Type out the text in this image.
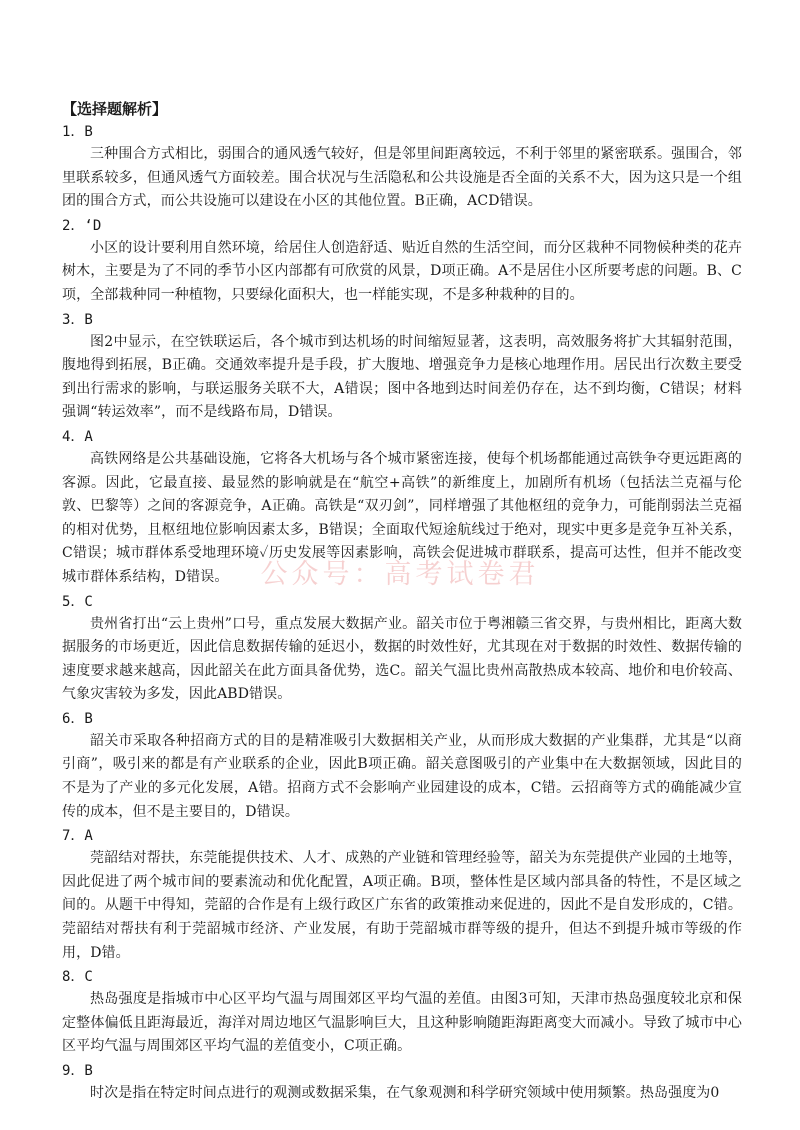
【选择题解析】

1．B

三种围合方式相比，弱围合的通风透气较好，但是邻里间距离较远，不利于邻里的紧密联系。强围合，邻里联系较多，但通风透气方面较差。围合状况与生活隐私和公共设施是否全面的关系不大，因为这只是一个组团的围合方式，而公共设施可以建设在小区的其他位置。B正确，ACD错误。

2．‘D

小区的设计要利用自然环境，给居住人创造舒适、贴近自然的生活空间，而分区栽种不同物候种类的花卉树木，主要是为了不同的季节小区内部都有可欣赏的风景，D项正确。A不是居住小区所要考虑的问题。B、C项，全部栽种同一种植物，只要绿化面积大，也一样能实现，不是多种栽种的目的。

3．B

图2中显示，在空铁联运后，各个城市到达机场的时间缩短显著，这表明，高效服务将扩大其辐射范围，腹地得到拓展，B正确。交通效率提升是手段，扩大腹地、增强竞争力是核心地理作用。居民出行次数主要受到出行需求的影响，与联运服务关联不大，A错误；图中各地到达时间差仍存在，达不到均衡，C错误；材料强调“转运效率”，而不是线路布局，D错误。

4．A

高铁网络是公共基础设施，它将各大机场与各个城市紧密连接，使每个机场都能通过高铁争夺更远距离的客源。因此，它最直接、最显然的影响就是在“航空+高铁”的新维度上，加剧所有机场（包括法兰克福与伦敦、巴黎等）之间的客源竞争，A正确。高铁是“双刃剑”，同样增强了其他枢纽的竞争力，可能削弱法兰克福的相对优势，且枢纽地位影响因素太多，B错误；全面取代短途航线过于绝对，现实中更多是竞争互补关系，C错误；城市群体系受地理环境✓历史发展等因素影响，高铁会促进城市群联系，提高可达性，但并不能改变城市群体系结构，D错误。

5．C

贵州省打出“云上贵州”口号，重点发展大数据产业。韶关市位于粤湘赣三省交界，与贵州相比，距离大数据服务的市场更近，因此信息数据传输的延迟小，数据的时效性好，尤其现在对于数据的时效性、数据传输的速度要求越来越高，因此韶关在此方面具备优势，选C。韶关气温比贵州高散热成本较高、地价和电价较高、气象灾害较为多发，因此ABD错误。

6．B

韶关市采取各种招商方式的目的是精准吸引大数据相关产业，从而形成大数据的产业集群，尤其是“以商引商”，吸引来的都是有产业联系的企业，因此B项正确。韶关意图吸引的产业集中在大数据领域，因此目的不是为了产业的多元化发展，A错。招商方式不会影响产业园建设的成本，C错。云招商等方式的确能减少宣传的成本，但不是主要目的，D错误。

7．A

莞韶结对帮扶，东莞能提供技术、人才、成熟的产业链和管理经验等，韶关为东莞提供产业园的土地等，因此促进了两个城市间的要素流动和优化配置，A项正确。B项，整体性是区域内部具备的特性，不是区域之间的。从题干中得知，莞韶的合作是有上级行政区广东省的政策推动来促进的，因此不是自发形成的，C错。莞韶结对帮扶有利于莞韶城市经济、产业发展，有助于莞韶城市群等级的提升，但达不到提升城市等级的作用，D错。

8．C

热岛强度是指城市中心区平均气温与周围郊区平均气温的差值。由图3可知，天津市热岛强度较北京和保定整体偏低且距海最近，海洋对周边地区气温影响巨大，且这种影响随距海距离变大而减小。导致了城市中心区平均气温与周围郊区平均气温的差值变小，C项正确。

9．B

时次是指在特定时间点进行的观测或数据采集，在气象观测和科学研究领域中使用频繁。热岛强度为0

公众号：高考试卷君
